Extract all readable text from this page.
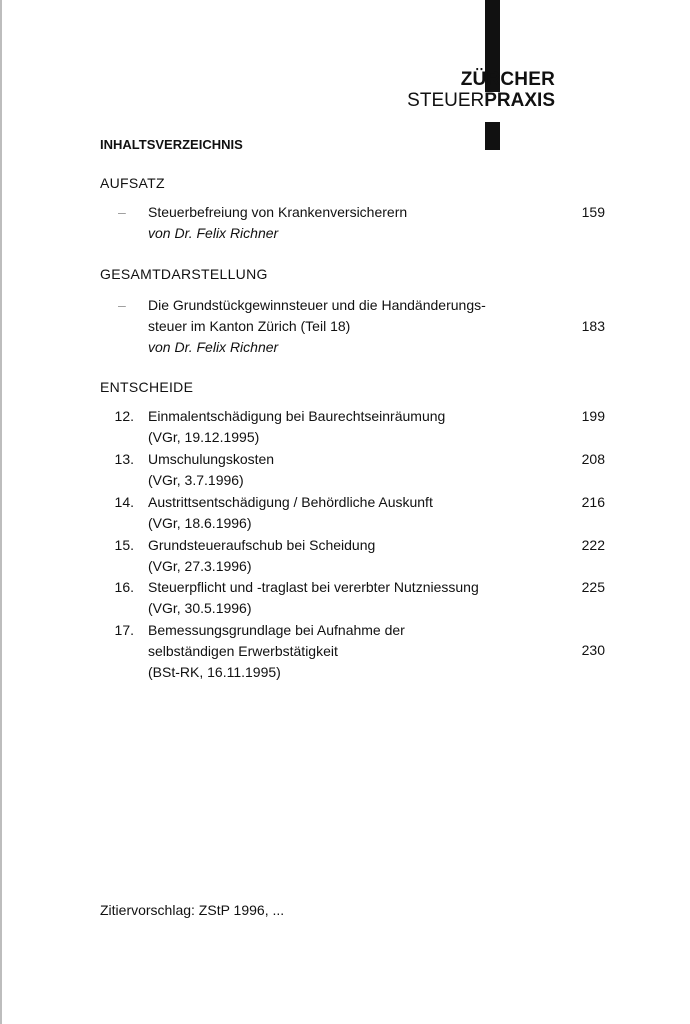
ZÜRCHER
STEUERPRAXIS
INHALTSVERZEICHNIS
AUFSATZ
– Steuerbefreiung von Krankenversicherern
von Dr. Felix Richner
159
GESAMTDARSTELLUNG
– Die Grundstückgewinnsteuer und die Handänderungs-
steuer im Kanton Zürich (Teil 18)
von Dr. Felix Richner
183
ENTSCHEIDE
12. Einmalentschädigung bei Baurechtseinräumung
(VGr, 19.12.1995)
199
13. Umschulungskosten
(VGr, 3.7.1996)
208
14. Austrittsentschädigung / Behördliche Auskunft
(VGr, 18.6.1996)
216
15. Grundsteueraufschub bei Scheidung
(VGr, 27.3.1996)
222
16. Steuerpflicht und -traglast bei vererbter Nutzniessung
(VGr, 30.5.1996)
225
17. Bemessungsgrundlage bei Aufnahme der
selbständigen Erwerbstätigkeit
(BSt-RK, 16.11.1995)
230
Zitiervorschlag: ZStP 1996, ...
